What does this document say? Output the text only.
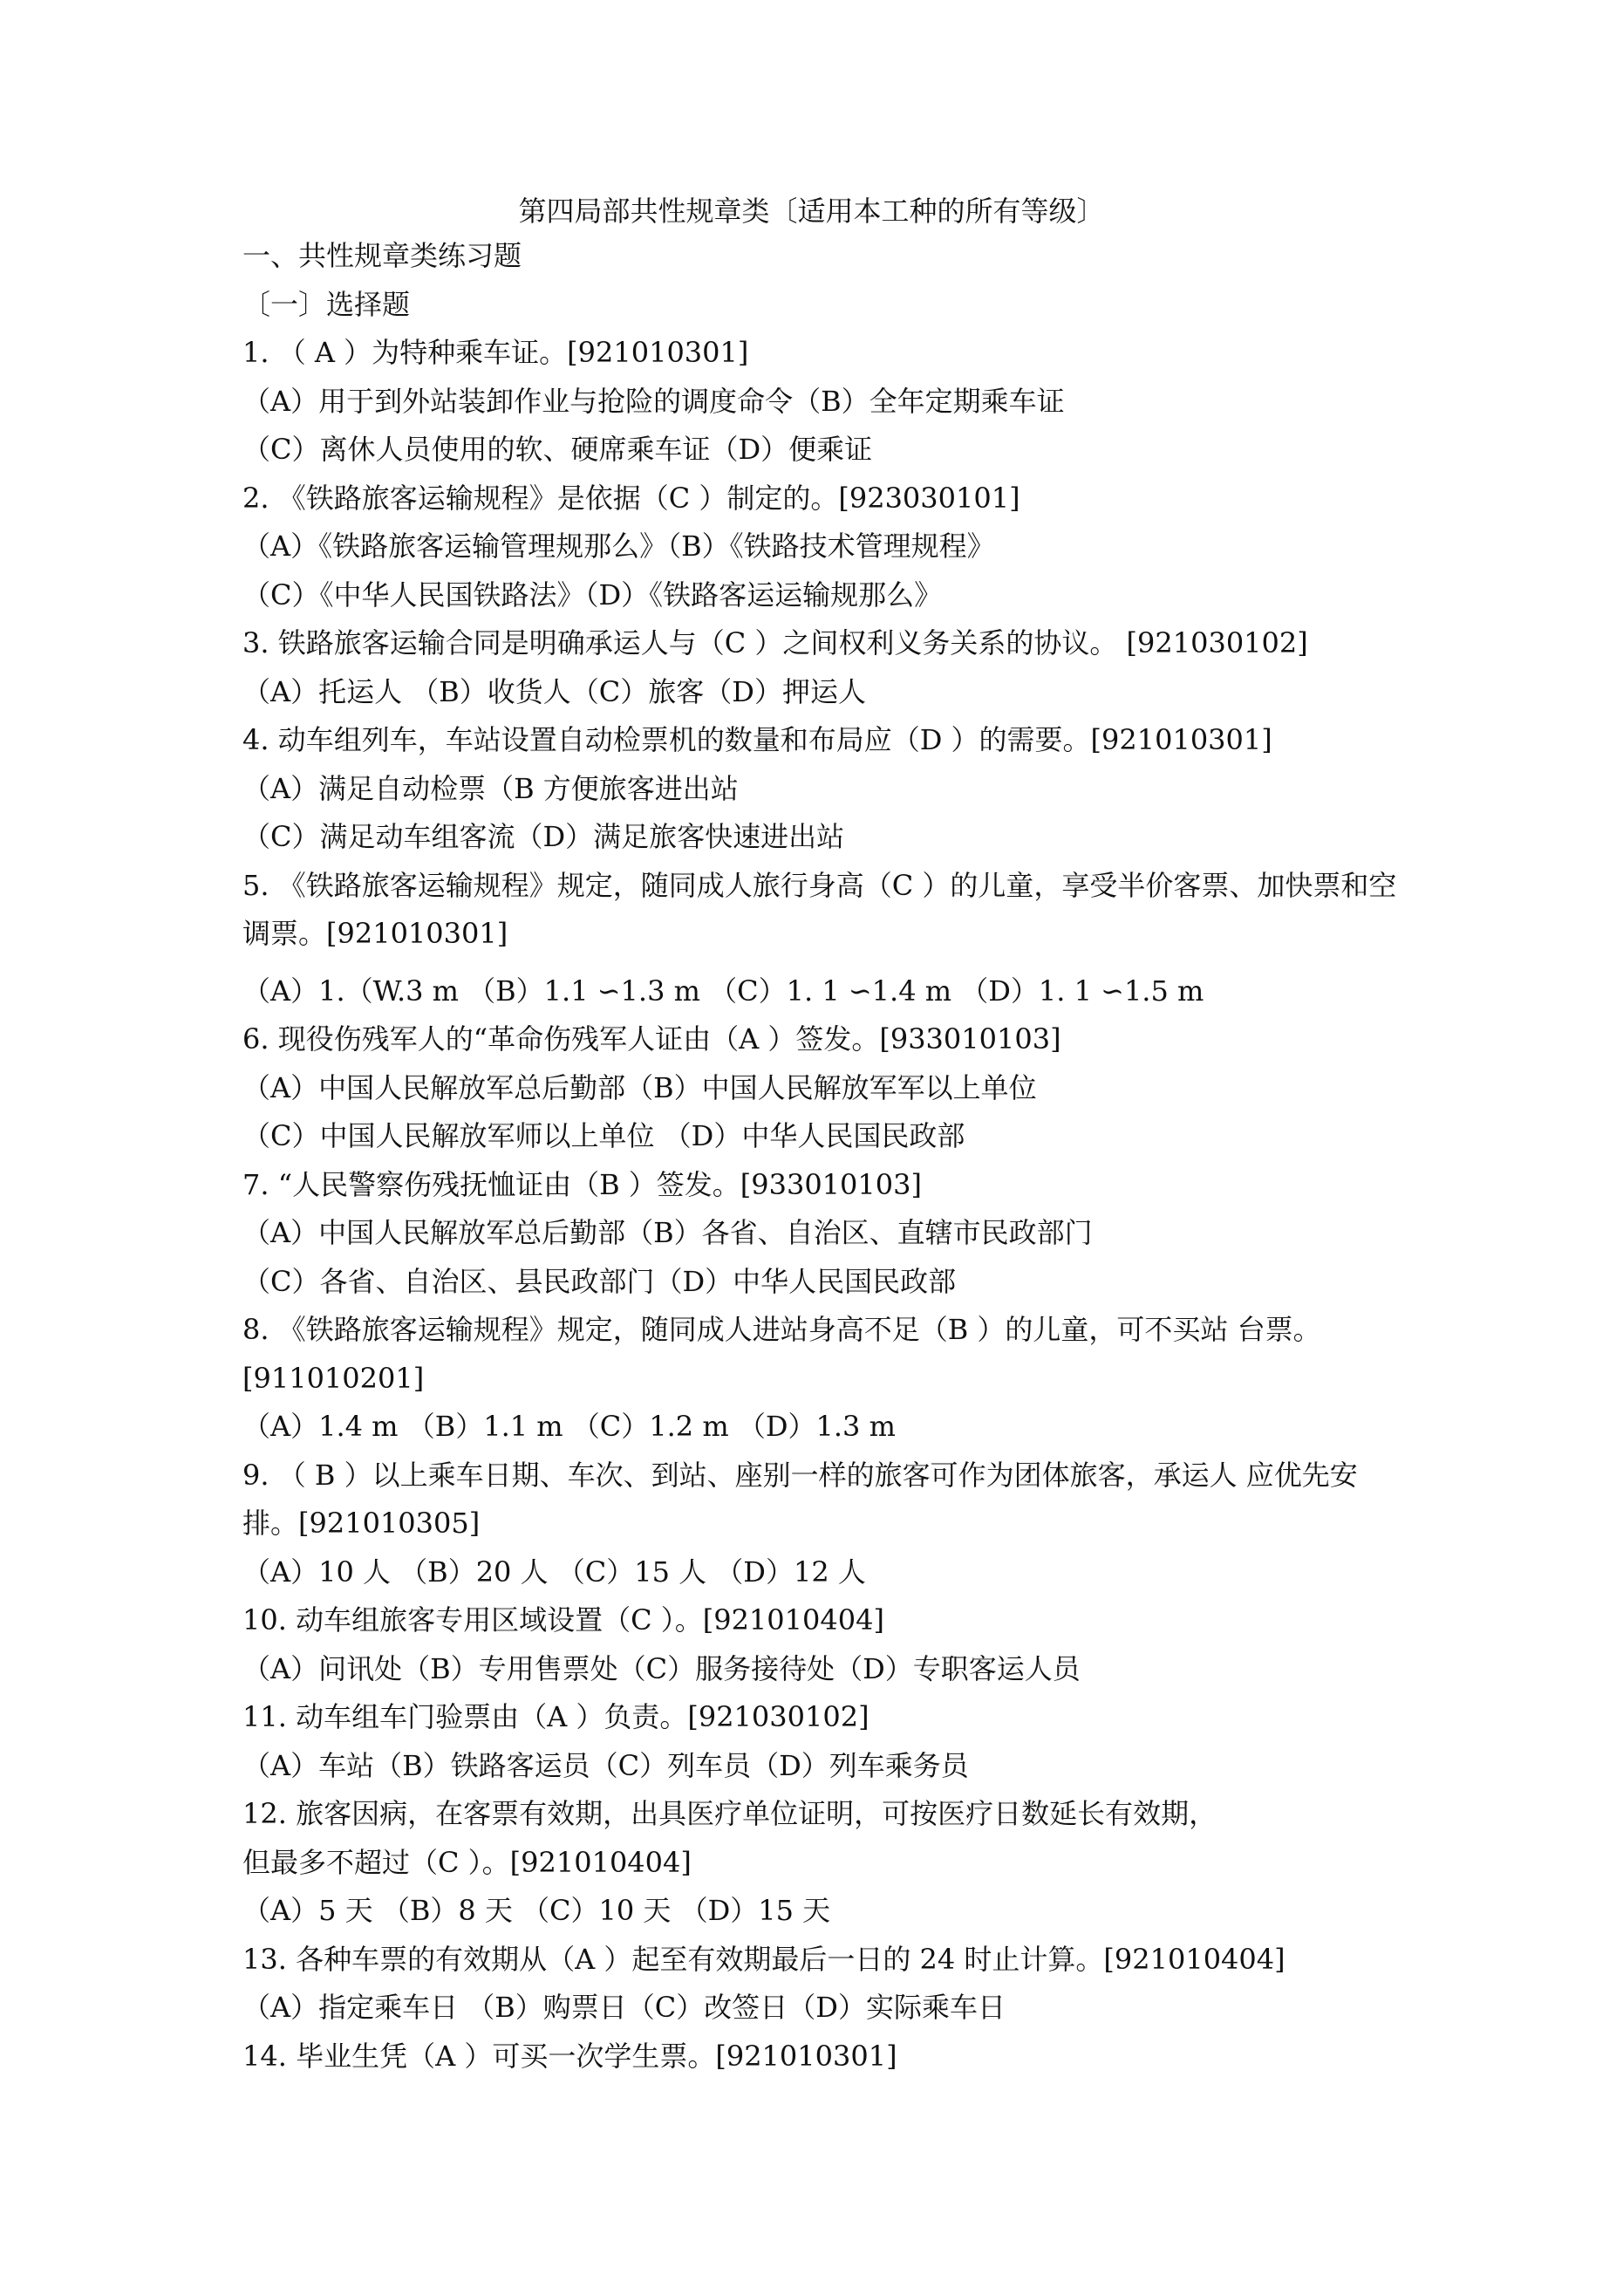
第四局部共性规章类〔适用本工种的所有等级〕
一、共性规章类练习题
〔一〕选择题
1. （ A ）为特种乘车证。[921010301]
（A）用于到外站装卸作业与抢险的调度命令（B）全年定期乘车证
（C）离休人员使用的软、硬席乘车证（D）便乘证
2. 《铁路旅客运输规程》是依据（C ）制定的。[923030101]
（A）《铁路旅客运输管理规那么》（B）《铁路技术管理规程》
（C）《中华人民国铁路法》（D）《铁路客运运输规那么》
3. 铁路旅客运输合同是明确承运人与（C ）之间权利义务关系的协议。 [921030102]
（A）托运人 （B）收货人（C）旅客（D）押运人
4. 动车组列车，车站设置自动检票机的数量和布局应（D ）的需要。[921010301]
（A）满足自动检票（B 方便旅客进出站
（C）满足动车组客流（D）满足旅客快速进出站
5. 《铁路旅客运输规程》规定，随同成人旅行身高（C ）的儿童，享受半价客票、加快票和空调票。[921010301]
（A）1.（W.3 m （B）1.1 ∽1.3 m （C）1. 1 ∽1.4 m （D）1. 1 ∽1.5 m
6. 现役伤残军人的“革命伤残军人证由（A ）签发。[933010103]
（A）中国人民解放军总后勤部（B）中国人民解放军军以上单位
（C）中国人民解放军师以上单位 （D）中华人民国民政部
7. “人民警察伤残抚恤证由（B ）签发。[933010103]
（A）中国人民解放军总后勤部（B）各省、自治区、直辖市民政部门
（C）各省、自治区、县民政部门（D）中华人民国民政部
8. 《铁路旅客运输规程》规定，随同成人进站身高不足（B ）的儿童，可不买站 台票。[911010201]
（A）1.4 m （B）1.1 m （C）1.2 m （D）1.3 m
9. （ B ）以上乘车日期、车次、到站、座别一样的旅客可作为团体旅客，承运人 应优先安排。[921010305]
（A）10 人 （B）20 人 （C）15 人 （D）12 人
10. 动车组旅客专用区域设置（C ）。[921010404]
（A）问讯处（B）专用售票处（C）服务接待处（D）专职客运人员
11. 动车组车门验票由（A ）负责。[921030102]
（A）车站（B）铁路客运员（C）列车员（D）列车乘务员
12. 旅客因病，在客票有效期，出具医疗单位证明，可按医疗日数延长有效期，
但最多不超过（C ）。[921010404]
（A）5 天 （B）8 天 （C）10 天 （D）15 天
13. 各种车票的有效期从（A ）起至有效期最后一日的 24 时止计算。[921010404]
（A）指定乘车日 （B）购票日（C）改签日（D）实际乘车日
14. 毕业生凭（A ）可买一次学生票。[921010301]
